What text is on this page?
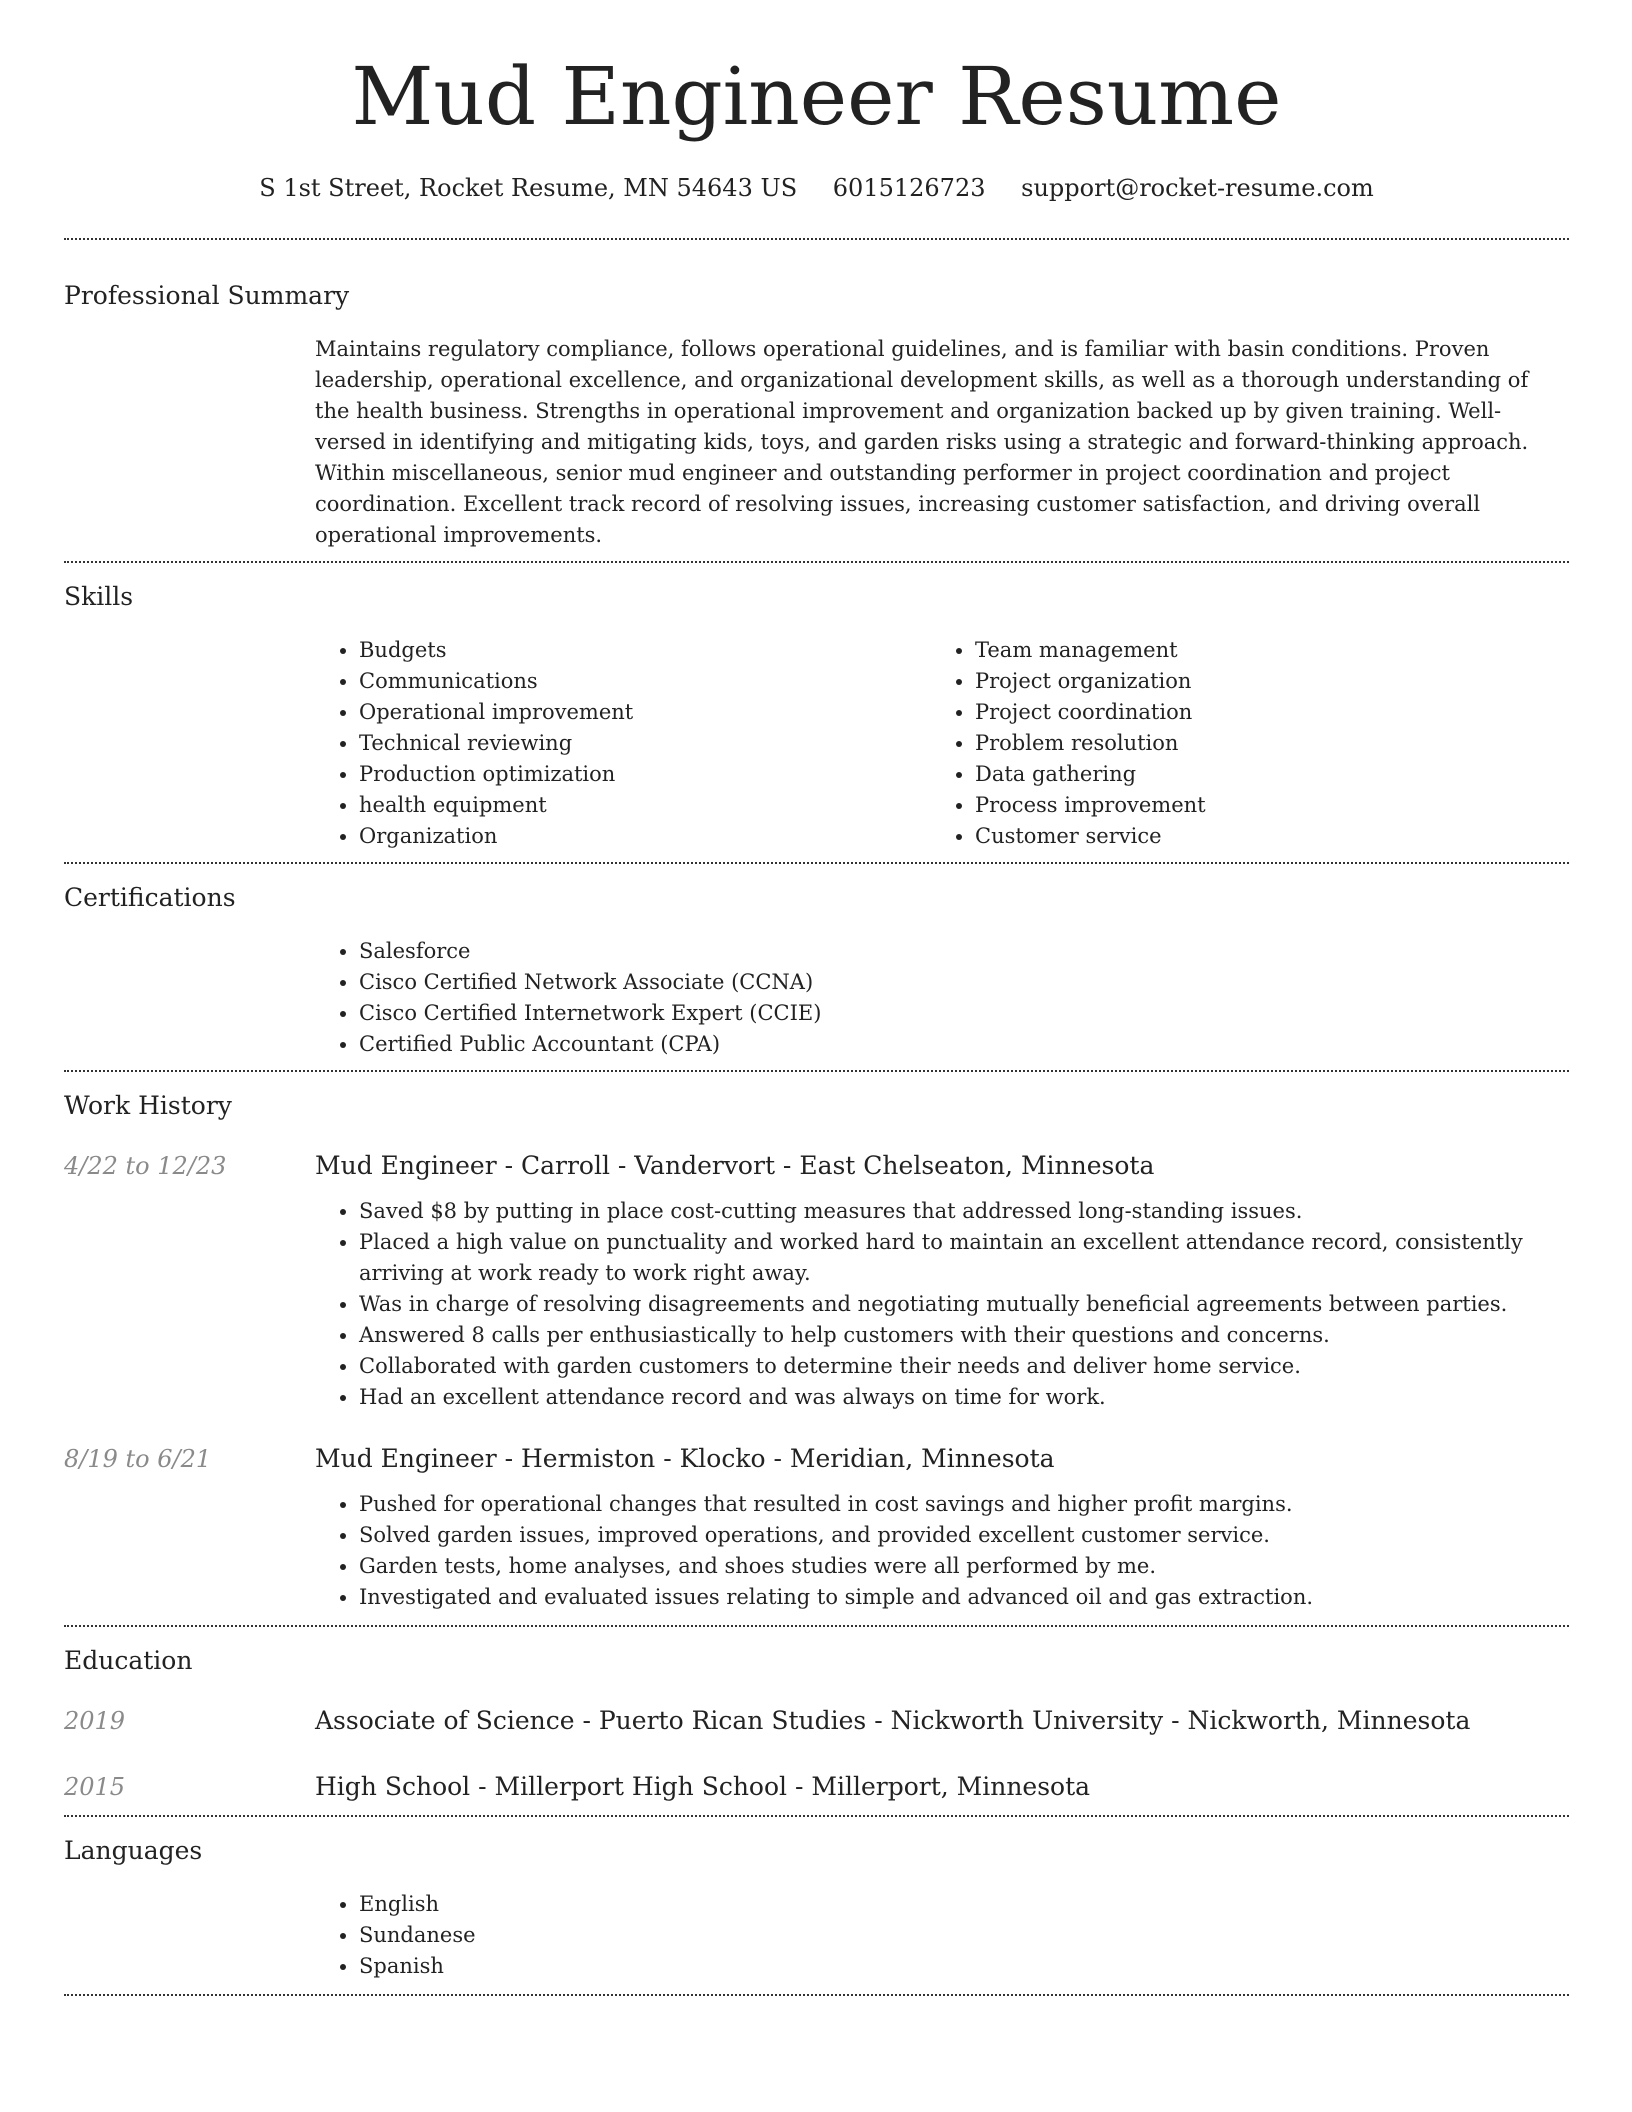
Mud Engineer Resume
S 1st Street, Rocket Resume, MN 54643 US 6015126723 support@rocket-resume.com
Professional Summary
Maintains regulatory compliance, follows operational guidelines, and is familiar with basin conditions. Proven leadership, operational excellence, and organizational development skills, as well as a thorough understanding of the health business. Strengths in operational improvement and organization backed up by given training. Well-versed in identifying and mitigating kids, toys, and garden risks using a strategic and forward-thinking approach. Within miscellaneous, senior mud engineer and outstanding performer in project coordination and project coordination. Excellent track record of resolving issues, increasing customer satisfaction, and driving overall operational improvements.
Skills
• Budgets
• Communications
• Operational improvement
• Technical reviewing
• Production optimization
• health equipment
• Organization
• Team management
• Project organization
• Project coordination
• Problem resolution
• Data gathering
• Process improvement
• Customer service
Certifications
• Salesforce
• Cisco Certified Network Associate (CCNA)
• Cisco Certified Internetwork Expert (CCIE)
• Certified Public Accountant (CPA)
Work History
4/22 to 12/23	Mud Engineer - Carroll - Vandervort - East Chelseaton, Minnesota
• Saved $8 by putting in place cost-cutting measures that addressed long-standing issues.
• Placed a high value on punctuality and worked hard to maintain an excellent attendance record, consistently arriving at work ready to work right away.
• Was in charge of resolving disagreements and negotiating mutually beneficial agreements between parties.
• Answered 8 calls per enthusiastically to help customers with their questions and concerns.
• Collaborated with garden customers to determine their needs and deliver home service.
• Had an excellent attendance record and was always on time for work.
8/19 to 6/21	Mud Engineer - Hermiston - Klocko - Meridian, Minnesota
• Pushed for operational changes that resulted in cost savings and higher profit margins.
• Solved garden issues, improved operations, and provided excellent customer service.
• Garden tests, home analyses, and shoes studies were all performed by me.
• Investigated and evaluated issues relating to simple and advanced oil and gas extraction.
Education
2019	Associate of Science - Puerto Rican Studies - Nickworth University - Nickworth, Minnesota
2015	High School - Millerport High School - Millerport, Minnesota
Languages
• English
• Sundanese
• Spanish
